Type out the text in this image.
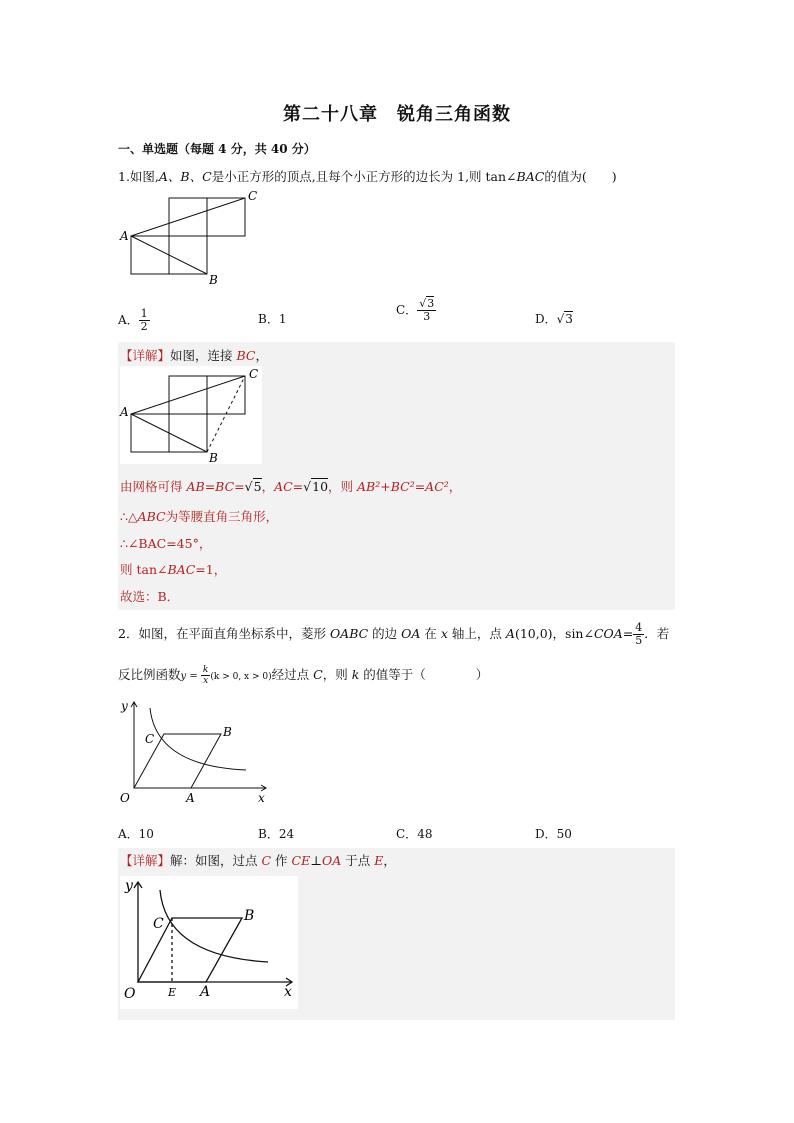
第二十八章　锐角三角函数
一、单选题（每题 4 分，共 40 分）
1.如图,A、B、C是小正方形的顶点,且每个小正方形的边长为 1,则 tan∠BAC的值为(　　)
A
C
B
A． $\frac{1}{2}$	B．1
C． $\frac{√3}{3}$	D．√3
【详解】如图，连接 BC，
A
C
B
由网格可得 AB=BC=√5，AC=√10，则 AB²+BC²=AC²，
∴△ABC为等腰直角三角形，
∴∠BAC=45°，
则 tan∠BAC=1，
故选：B．
2．如图，在平面直角坐标系中，菱形 OABC 的边 OA 在 x 轴上，点 A(10,0)，sin∠COA= $\frac{4}{5}$ ．若
反比例函数$y = \frac{k}{x} (k > 0$, x > 0)经过点 C，则 k 的值等于（　　　　）
y
x
O	A
B
C
A．10	B．24	C．48	D．50
【详解】解：如图，过点 C 作 CE⊥OA 于点 E，
y
x
O	A
B
C
E
